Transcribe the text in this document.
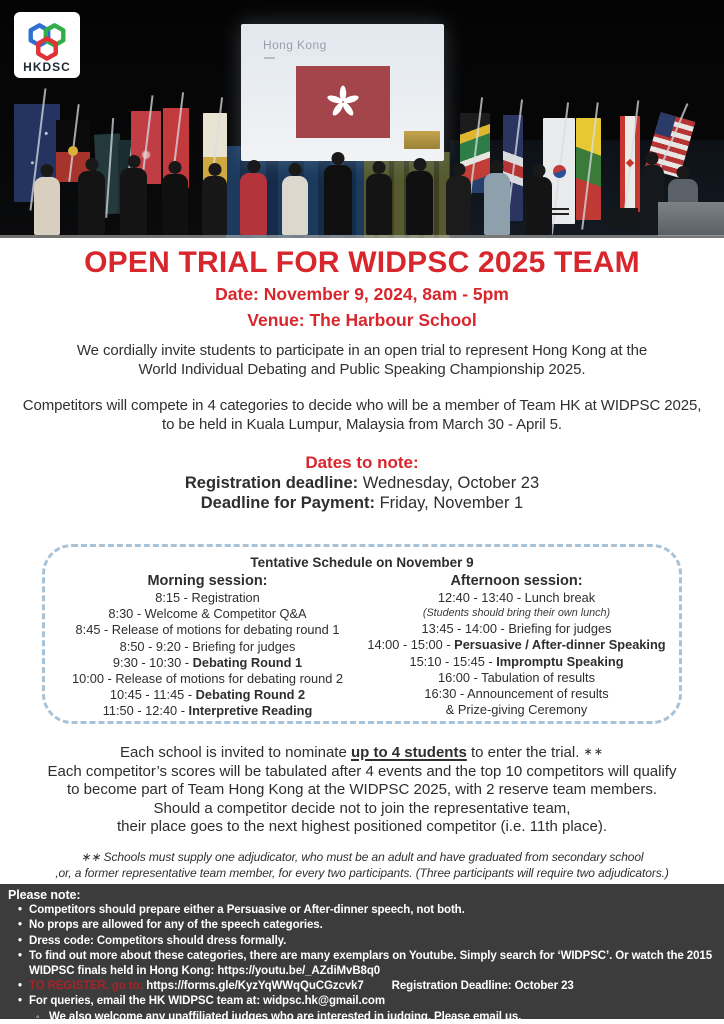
Hong Kong
HKDSC
OPEN TRIAL FOR WIDPSC 2025 TEAM
Date: November 9, 2024, 8am - 5pm
Venue: The Harbour School
We cordially invite students to participate in an open trial to represent Hong Kong at the
World Individual Debating and Public Speaking Championship 2025.
Competitors will compete in 4 categories to decide who will be a member of Team HK at WIDPSC 2025,
to be held in Kuala Lumpur, Malaysia from March 30 - April 5.
Dates to note:
Registration deadline: Wednesday, October 23
Deadline for Payment: Friday, November 1
Tentative Schedule on November 9
Morning session:
8:15 - Registration
8:30 - Welcome & Competitor Q&A
8:45 - Release of motions for debating round 1
8:50 - 9:20 - Briefing for judges
9:30 - 10:30 - Debating Round 1
10:00 - Release of motions for debating round 2
10:45 - 11:45 - Debating Round 2
11:50 - 12:40 - Interpretive Reading
Afternoon session:
12:40 - 13:40 - Lunch break
(Students should bring their own lunch)
13:45 - 14:00 - Briefing for judges
14:00 - 15:00 - Persuasive / After-dinner Speaking
15:10 - 15:45 - Impromptu Speaking
16:00 - Tabulation of results
16:30 - Announcement of results
& Prize-giving Ceremony
Each school is invited to nominate up to 4 students to enter the trial. ∗∗
Each competitor’s scores will be tabulated after 4 events and the top 10 competitors will qualify
to become part of Team Hong Kong at the WIDPSC 2025, with 2 reserve team members.
Should a competitor decide not to join the representative team,
their place goes to the next highest positioned competitor (i.e. 11th place).
∗∗ Schools must supply one adjudicator, who must be an adult and have graduated from secondary school
,or, a former representative team member, for every two participants. (Three participants will require two adjudicators.)
Please note:
• Competitors should prepare either a Persuasive or After-dinner speech, not both.
• No props are allowed for any of the speech categories.
• Dress code: Competitors should dress formally.
• To find out more about these categories, there are many exemplars on Youtube. Simply search for ‘WIDPSC’. Or watch the 2015 WIDPSC finals held in Hong Kong: https://youtu.be/_AZdiMvB8q0
• TO REGISTER, go to: https://forms.gle/KyzYqWWqQuCGzcvk7 Registration Deadline: October 23
• For queries, email the HK WIDPSC team at: widpsc.hk@gmail.com
◦ We also welcome any unaffiliated judges who are interested in judging. Please email us.
